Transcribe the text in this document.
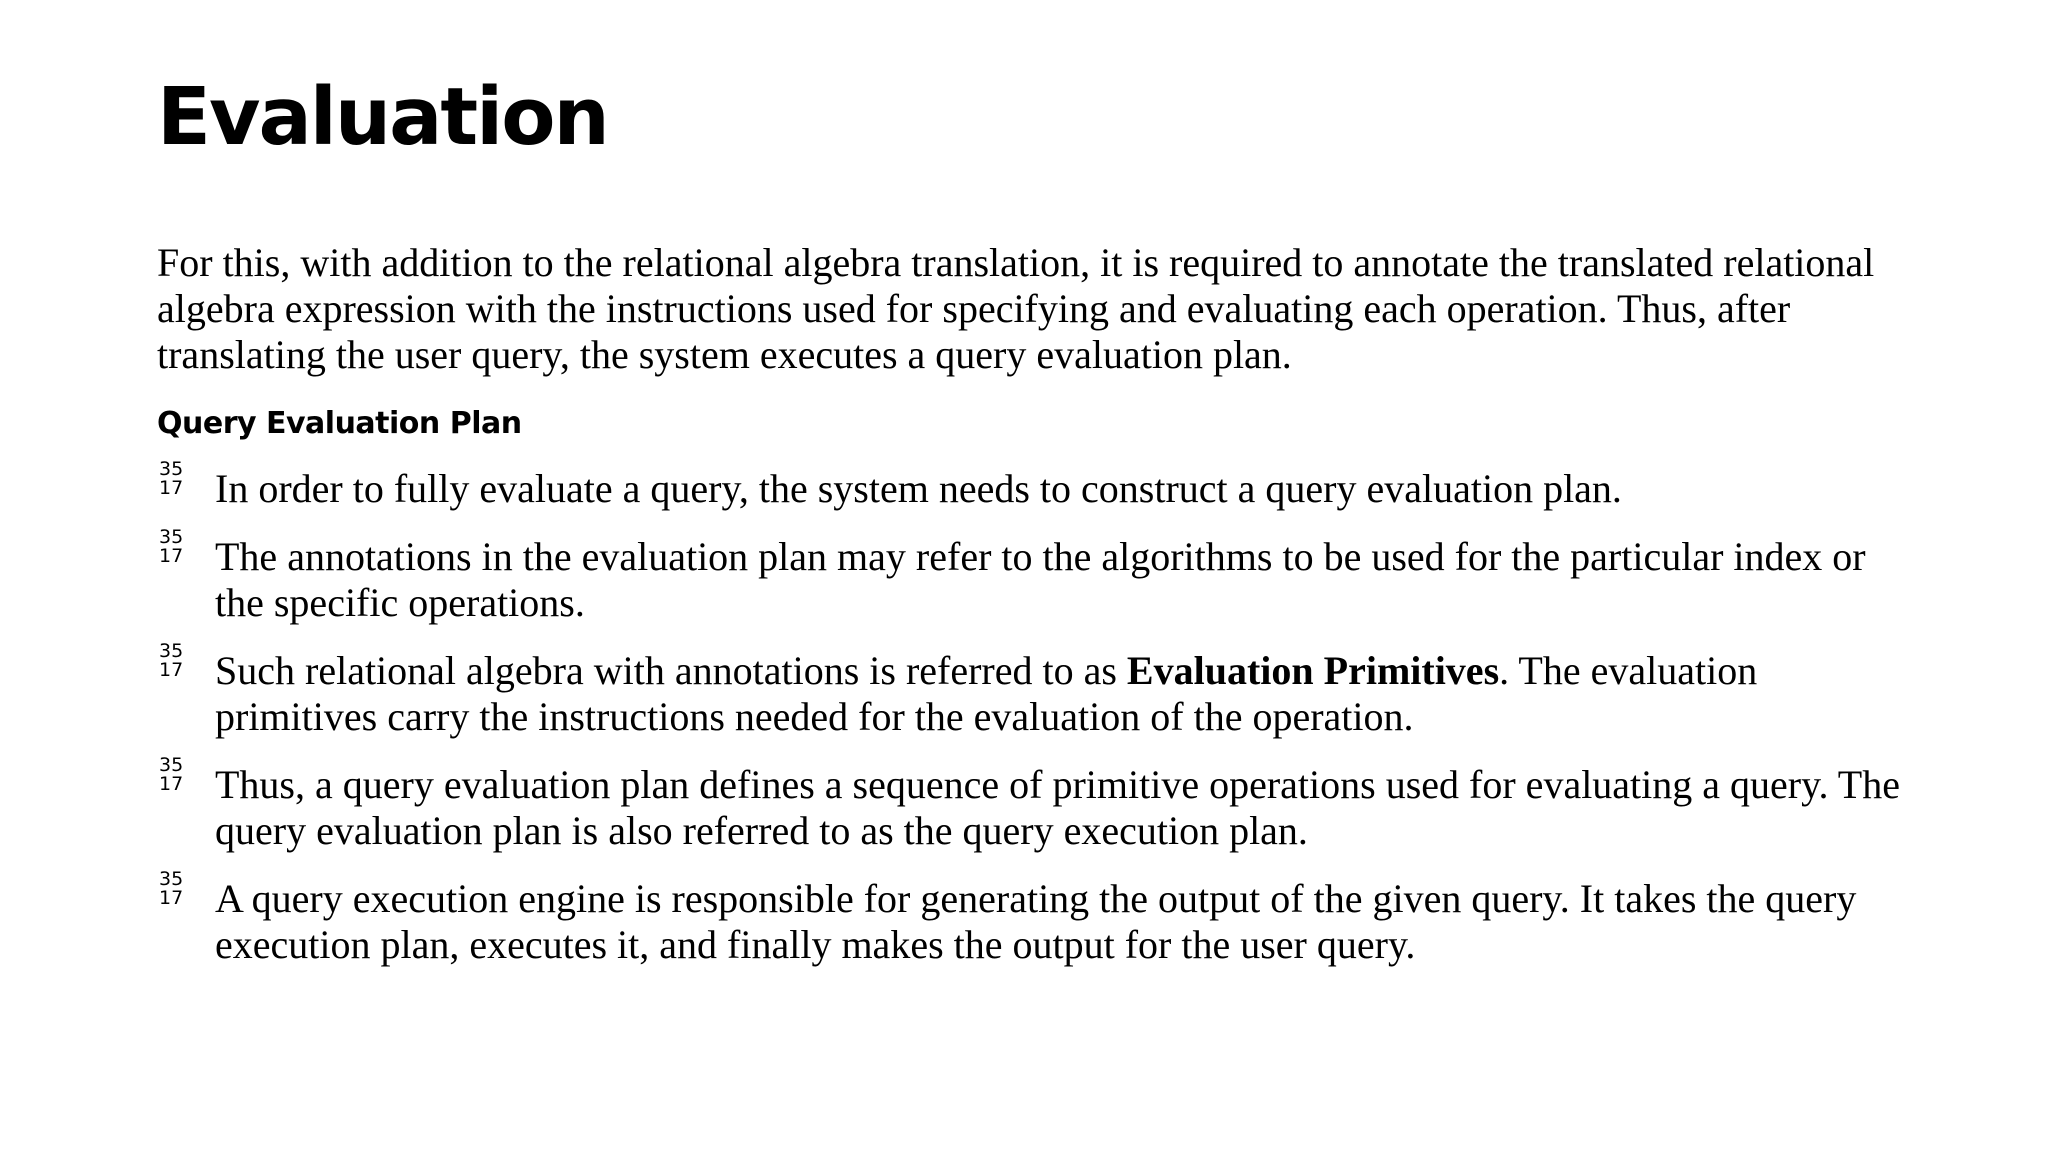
Evaluation

For this, with addition to the relational algebra translation, it is required to annotate the translated relational algebra expression with the instructions used for specifying and evaluating each operation. Thus, after translating the user query, the system executes a query evaluation plan.

Query Evaluation Plan
35
17 In order to fully evaluate a query, the system needs to construct a query evaluation plan.
35
17 The annotations in the evaluation plan may refer to the algorithms to be used for the particular index or the specific operations.
35
17 Such relational algebra with annotations is referred to as Evaluation Primitives. The evaluation primitives carry the instructions needed for the evaluation of the operation.
35
17 Thus, a query evaluation plan defines a sequence of primitive operations used for evaluating a query. The query evaluation plan is also referred to as the query execution plan.
35
17 A query execution engine is responsible for generating the output of the given query. It takes the query execution plan, executes it, and finally makes the output for the user query.
